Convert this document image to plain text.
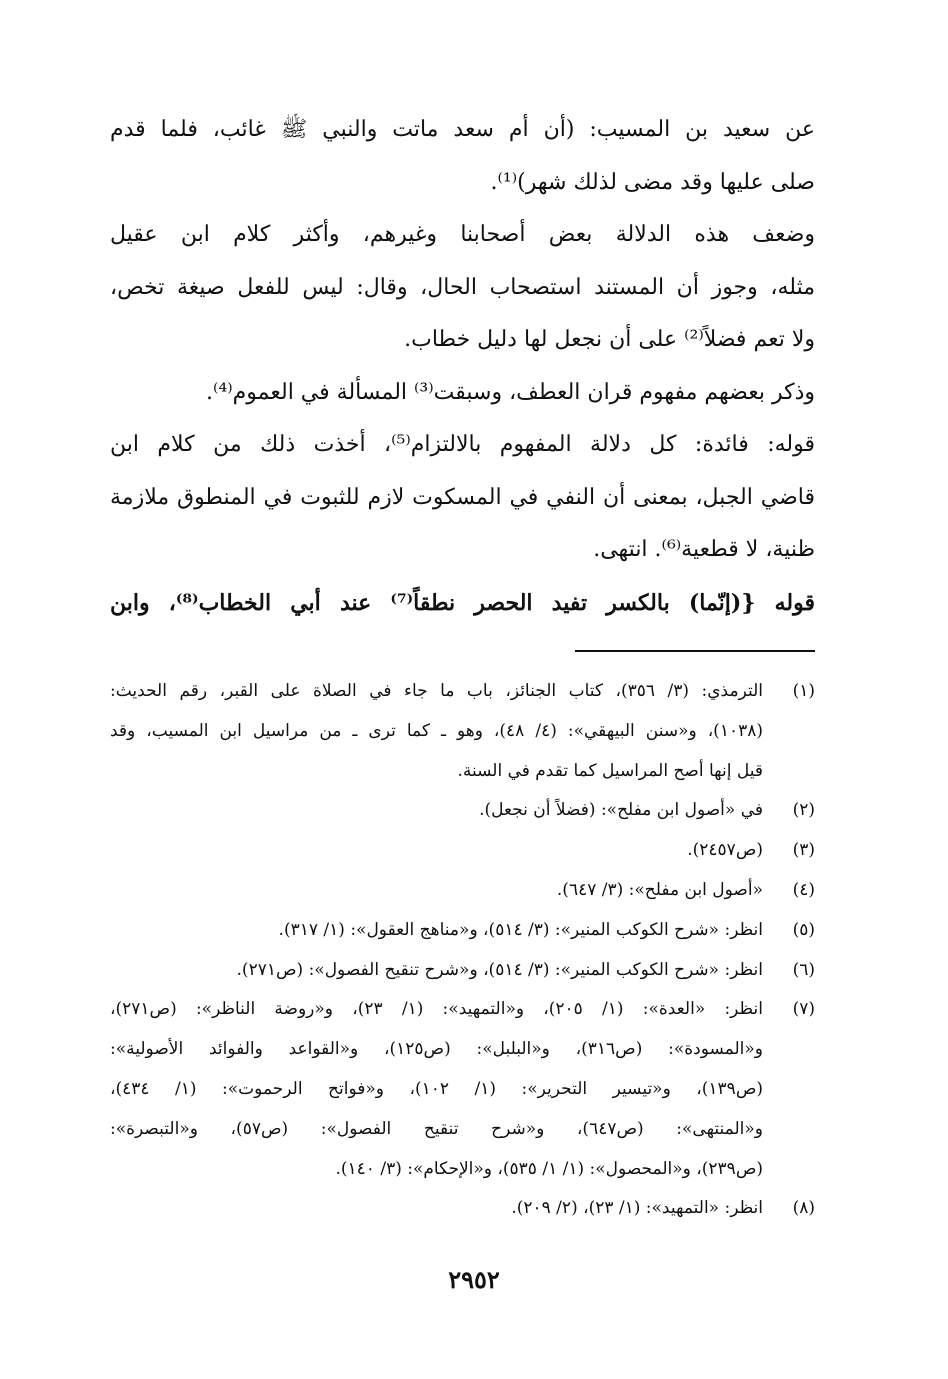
عن سعيد بن المسيب: (أن أم سعد ماتت والنبي ﷺ غائب، فلما قدم
صلى عليها وقد مضى لذلك شهر)⁽¹⁾.
وضعف هذه الدلالة بعض أصحابنا وغيرهم، وأكثر كلام ابن عقيل
مثله، وجوز أن المستند استصحاب الحال، وقال: ليس للفعل صيغة تخص،
ولا تعم فضلاً⁽²⁾ على أن نجعل لها دليل خطاب.
وذكر بعضهم مفهوم قران العطف، وسبقت⁽³⁾ المسألة في العموم⁽⁴⁾.
قوله: فائدة: كل دلالة المفهوم بالالتزام⁽⁵⁾، أخذت ذلك من كلام ابن
قاضي الجبل، بمعنى أن النفي في المسكوت لازم للثبوت في المنطوق ملازمة
ظنية، لا قطعية⁽⁶⁾. انتهى.
قوله {(إنّما) بالكسر تفيد الحصر نطقاً⁽⁷⁾ عند أبي الخطاب⁽⁸⁾، وابن
(١)
الترمذي: (٣/ ٣٥٦)، كتاب الجنائز، باب ما جاء في الصلاة على القبر، رقم الحديث:
(١٠٣٨)، و«سنن البيهقي»: (٤/ ٤٨)، وهو ـ كما ترى ـ من مراسيل ابن المسيب، وقد
قيل إنها أصح المراسيل كما تقدم في السنة.
(٢)
في «أصول ابن مفلح»: (فضلاً أن نجعل).
(٣)
(ص٢٤٥٧).
(٤)
«أصول ابن مفلح»: (٣/ ٦٤٧).
(٥)
انظر: «شرح الكوكب المنير»: (٣/ ٥١٤)، و«مناهج العقول»: (١/ ٣١٧).
(٦)
انظر: «شرح الكوكب المنير»: (٣/ ٥١٤)، و«شرح تنقيح الفصول»: (ص٢٧١).
(٧)
انظر: «العدة»: (١/ ٢٠٥)، و«التمهيد»: (١/ ٢٣)، و«روضة الناظر»: (ص٢٧١)،
و«المسودة»: (ص٣١٦)، و«البلبل»: (ص١٢٥)، و«القواعد والفوائد الأصولية»:
(ص١٣٩)، و«تيسير التحرير»: (١/ ١٠٢)، و«فواتح الرحموت»: (١/ ٤٣٤)،
و«المنتهى»: (ص٦٤٧)، و«شرح تنقيح الفصول»: (ص٥٧)، و«التبصرة»:
(ص٢٣٩)، و«المحصول»: (١/ ١/ ٥٣٥)، و«الإحكام»: (٣/ ١٤٠).
(٨)
انظر: «التمهيد»: (١/ ٢٣)، (٢/ ٢٠٩).
٢٩٥٢
